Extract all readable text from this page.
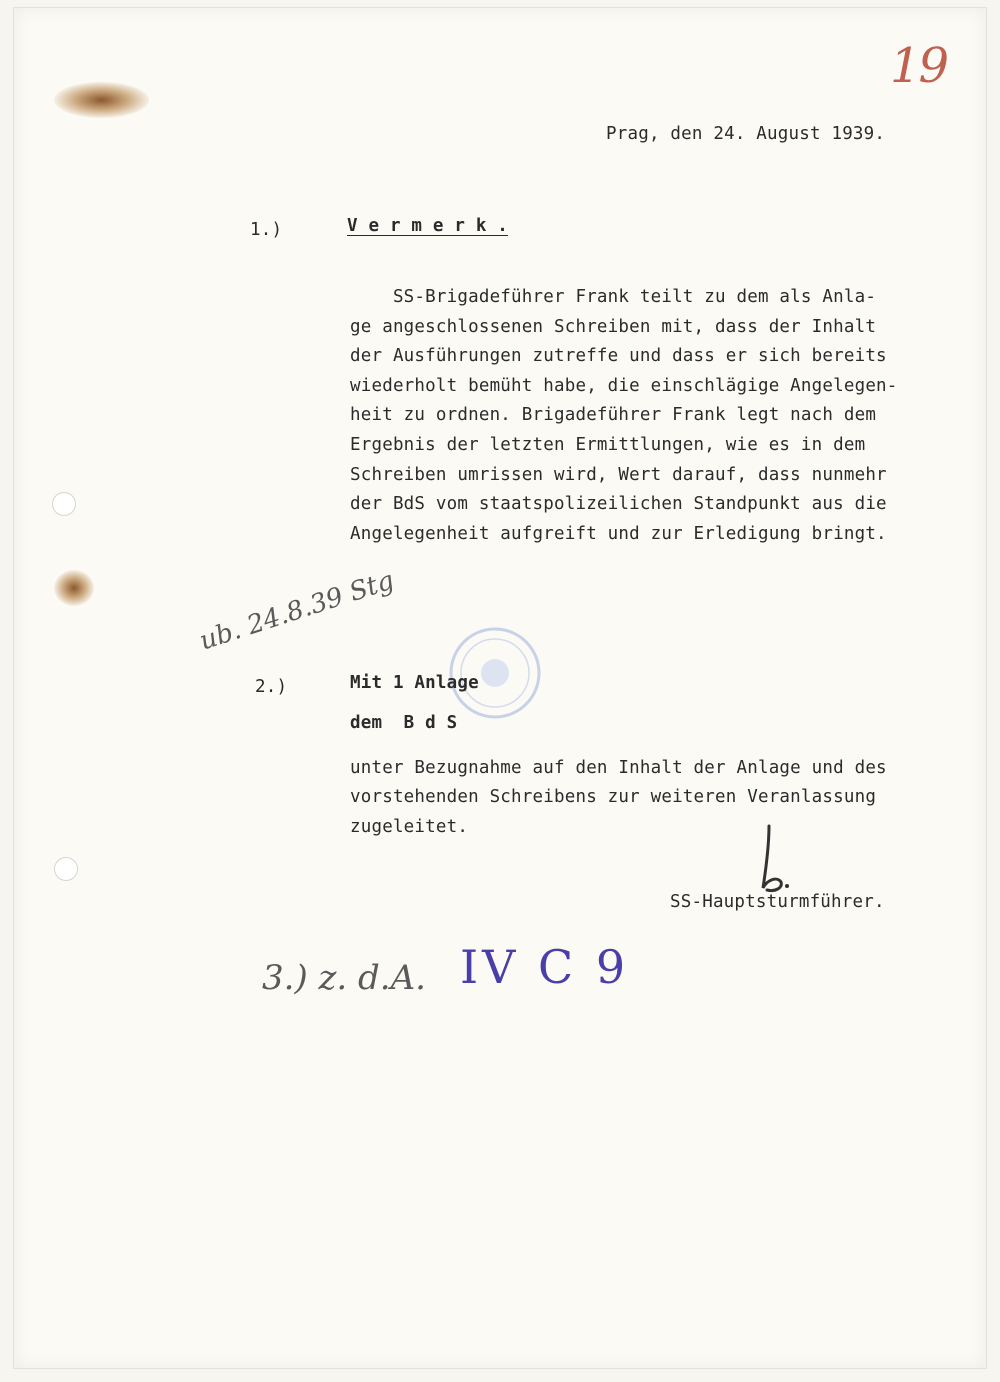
19
Prag, den 24. August 1939.
1.)	V e r m e r k .
SS-Brigadeführer Frank teilt zu dem als Anla-
ge angeschlossenen Schreiben mit, dass der Inhalt
der Ausführungen zutreffe und dass er sich bereits
wiederholt bemüht habe, die einschlägige Angelegen-
heit zu ordnen. Brigadeführer Frank legt nach dem
Ergebnis der letzten Ermittlungen, wie es in dem
Schreiben umrissen wird, Wert darauf, dass nunmehr
der BdS vom staatspolizeilichen Standpunkt aus die
Angelegenheit aufgreift und zur Erledigung bringt.
ub. 24.8.39 Stg
2.)	Mit 1 Anlage
dem  B d S
unter Bezugnahme auf den Inhalt der Anlage und des
vorstehenden Schreibens zur weiteren Veranlassung
zugeleitet.
SS-Hauptsturmführer.
3.) z. d.A. IV C 9
